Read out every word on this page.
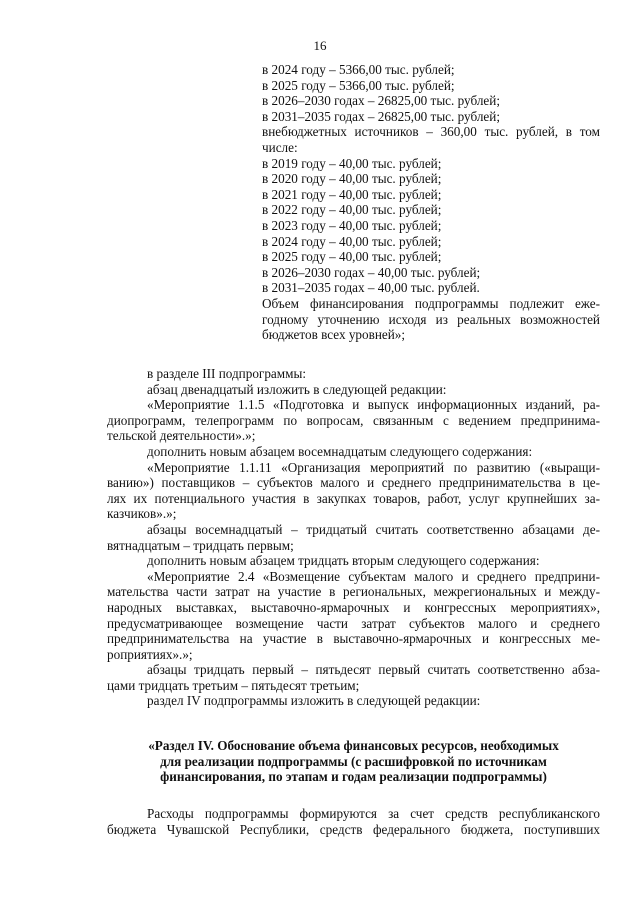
16
в 2024 году – 5366,00 тыс. рублей;
в 2025 году – 5366,00 тыс. рублей;
в 2026–2030 годах – 26825,00 тыс. рублей;
в 2031–2035 годах – 26825,00 тыс. рублей;
внебюджетных источников – 360,00 тыс. рублей, в том
числе:
в 2019 году – 40,00 тыс. рублей;
в 2020 году – 40,00 тыс. рублей;
в 2021 году – 40,00 тыс. рублей;
в 2022 году – 40,00 тыс. рублей;
в 2023 году – 40,00 тыс. рублей;
в 2024 году – 40,00 тыс. рублей;
в 2025 году – 40,00 тыс. рублей;
в 2026–2030 годах – 40,00 тыс. рублей;
в 2031–2035 годах – 40,00 тыс. рублей.
Объем финансирования подпрограммы подлежит еже-
годному уточнению исходя из реальных возможностей
бюджетов всех уровней»;
в разделе III подпрограммы:
абзац двенадцатый изложить в следующей редакции:
«Мероприятие 1.1.5 «Подготовка и выпуск информационных изданий, ра-
диопрограмм, телепрограмм по вопросам, связанным с ведением предпринима-
тельской деятельности».»;
дополнить новым абзацем восемнадцатым следующего содержания:
«Мероприятие 1.1.11 «Организация мероприятий по развитию («выращи-
ванию») поставщиков – субъектов малого и среднего предпринимательства в це-
лях их потенциального участия в закупках товаров, работ, услуг крупнейших за-
казчиков».»;
абзацы восемнадцатый – тридцатый считать соответственно абзацами де-
вятнадцатым – тридцать первым;
дополнить новым абзацем тридцать вторым следующего содержания:
«Мероприятие 2.4 «Возмещение субъектам малого и среднего предприни-
мательства части затрат на участие в региональных, межрегиональных и между-
народных выставках, выставочно-ярмарочных и конгрессных мероприятиях»,
предусматривающее возмещение части затрат субъектов малого и среднего
предпринимательства на участие в выставочно-ярмарочных и конгрессных ме-
роприятиях».»;
абзацы тридцать первый – пятьдесят первый считать соответственно абза-
цами тридцать третьим – пятьдесят третьим;
раздел IV подпрограммы изложить в следующей редакции:
«Раздел IV. Обоснование объема финансовых ресурсов, необходимых
для реализации подпрограммы (с расшифровкой по источникам
финансирования, по этапам и годам реализации подпрограммы)
Расходы подпрограммы формируются за счет средств республиканского
бюджета Чувашской Республики, средств федерального бюджета, поступивших
